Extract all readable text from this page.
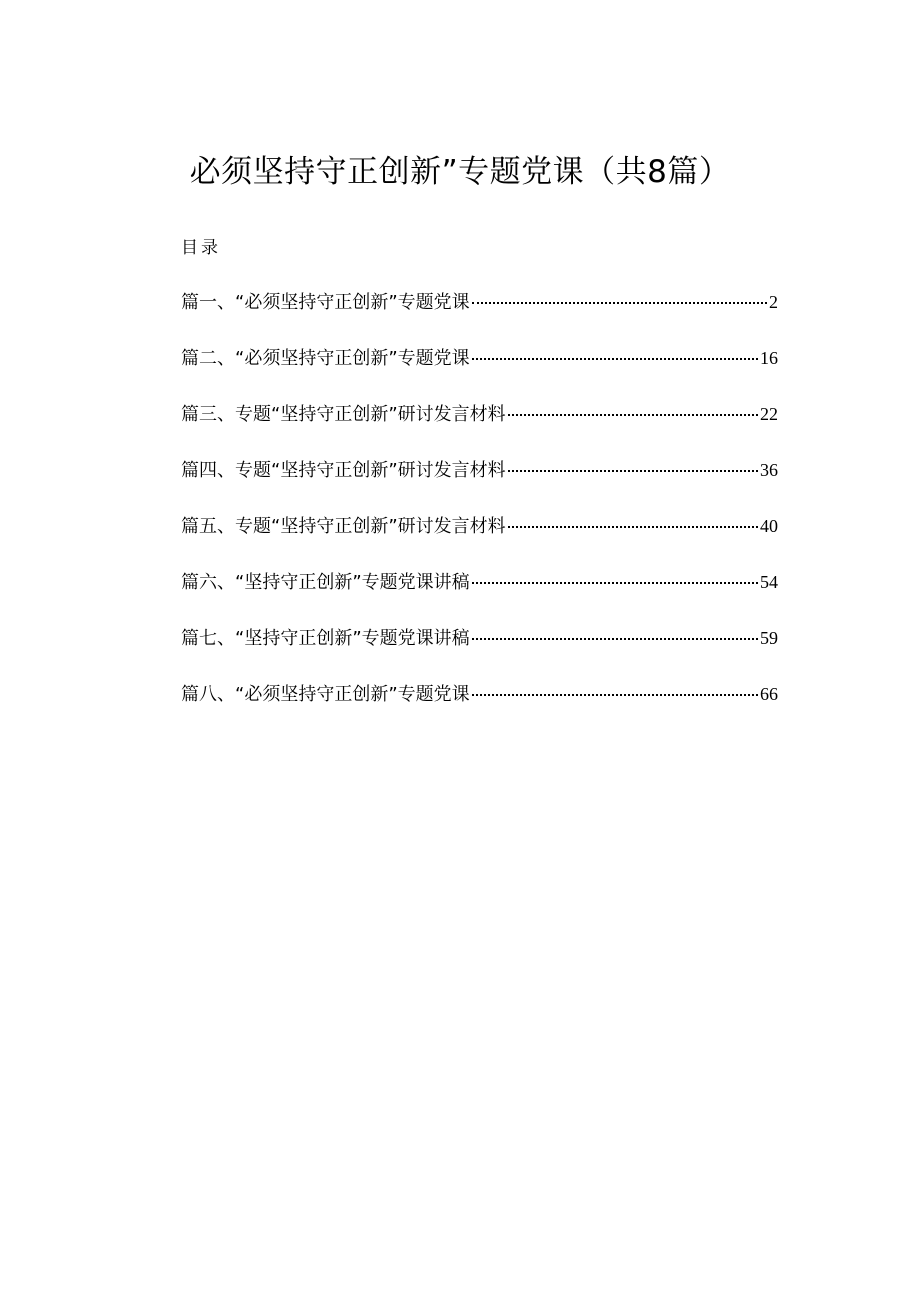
必须坚持守正创新”专题党课（共8篇）
目录
篇一、“必须坚持守正创新”专题党课	2
篇二、“必须坚持守正创新”专题党课	16
篇三、专题“坚持守正创新”研讨发言材料	22
篇四、专题“坚持守正创新”研讨发言材料	36
篇五、专题“坚持守正创新”研讨发言材料	40
篇六、“坚持守正创新”专题党课讲稿	54
篇七、“坚持守正创新”专题党课讲稿	59
篇八、“必须坚持守正创新”专题党课	66
